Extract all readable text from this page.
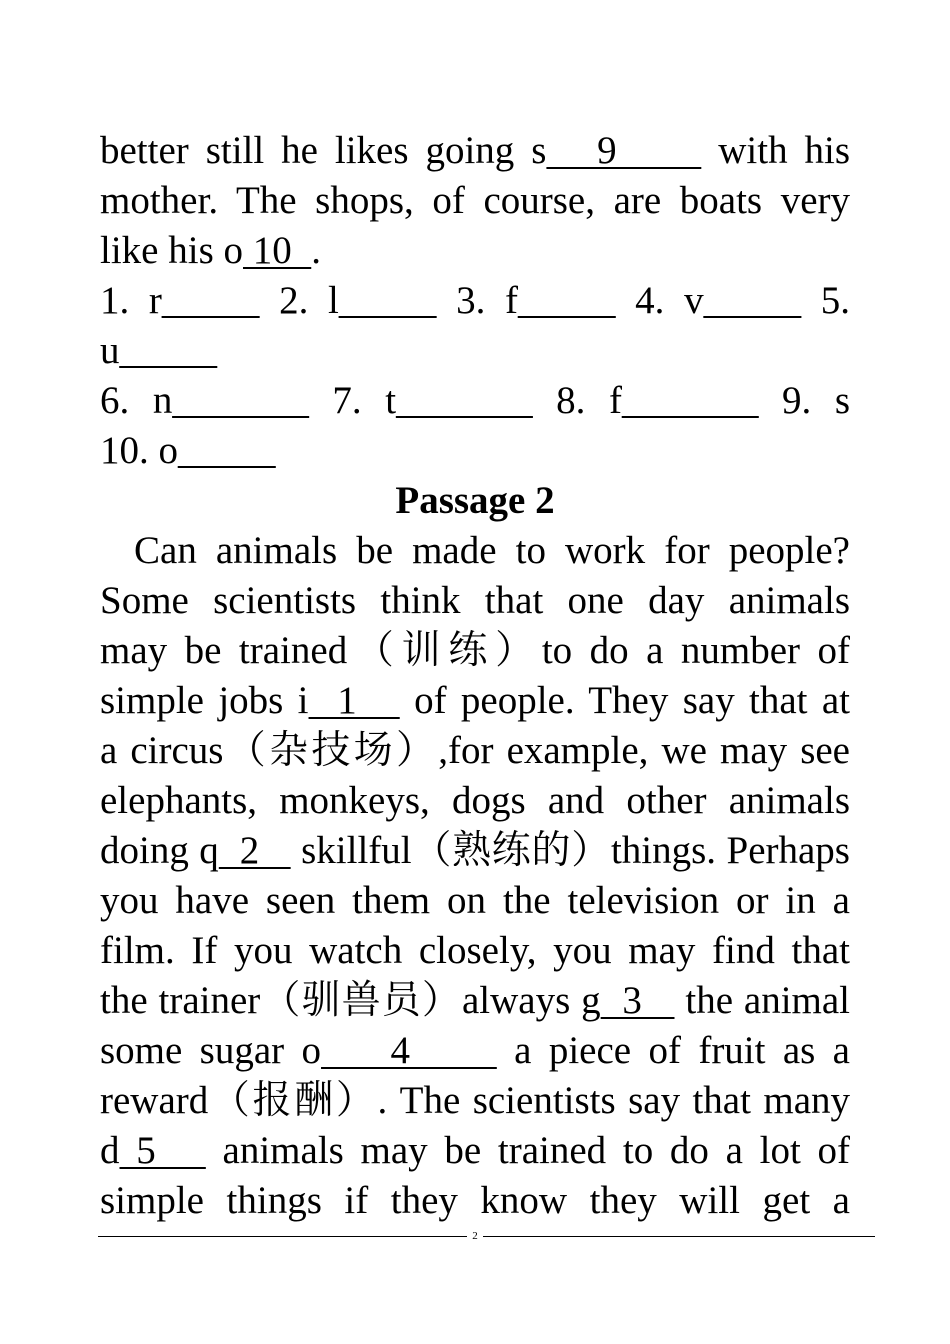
better still he likes going s   9      with his
mother. The shops, of course, are boats very
like his o 10  .
1. r_____ 2. l_____ 3. f_____ 4. v_____ 5.
u_____
6. n_______ 7. t_______ 8. f_______ 9. s
10. o_____
Passage 2
Can animals be made to work for people?
Some scientists think that one day animals
may be trained（训练）to do a number of
simple jobs i  1    of people. They say that at
a circus（杂技场）,for example, we may see
elephants, monkeys, dogs and other animals
doing q  2    skillful（熟练的）things. Perhaps
you have seen them on the television or in a
film. If you watch closely, you may find that
the trainer（驯兽员）always g  3    the animal
some sugar o    4      a piece of fruit as a
reward（报酬）. The scientists say that many
d 5    animals may be trained to do a lot of
simple things if they know they will get a
2
